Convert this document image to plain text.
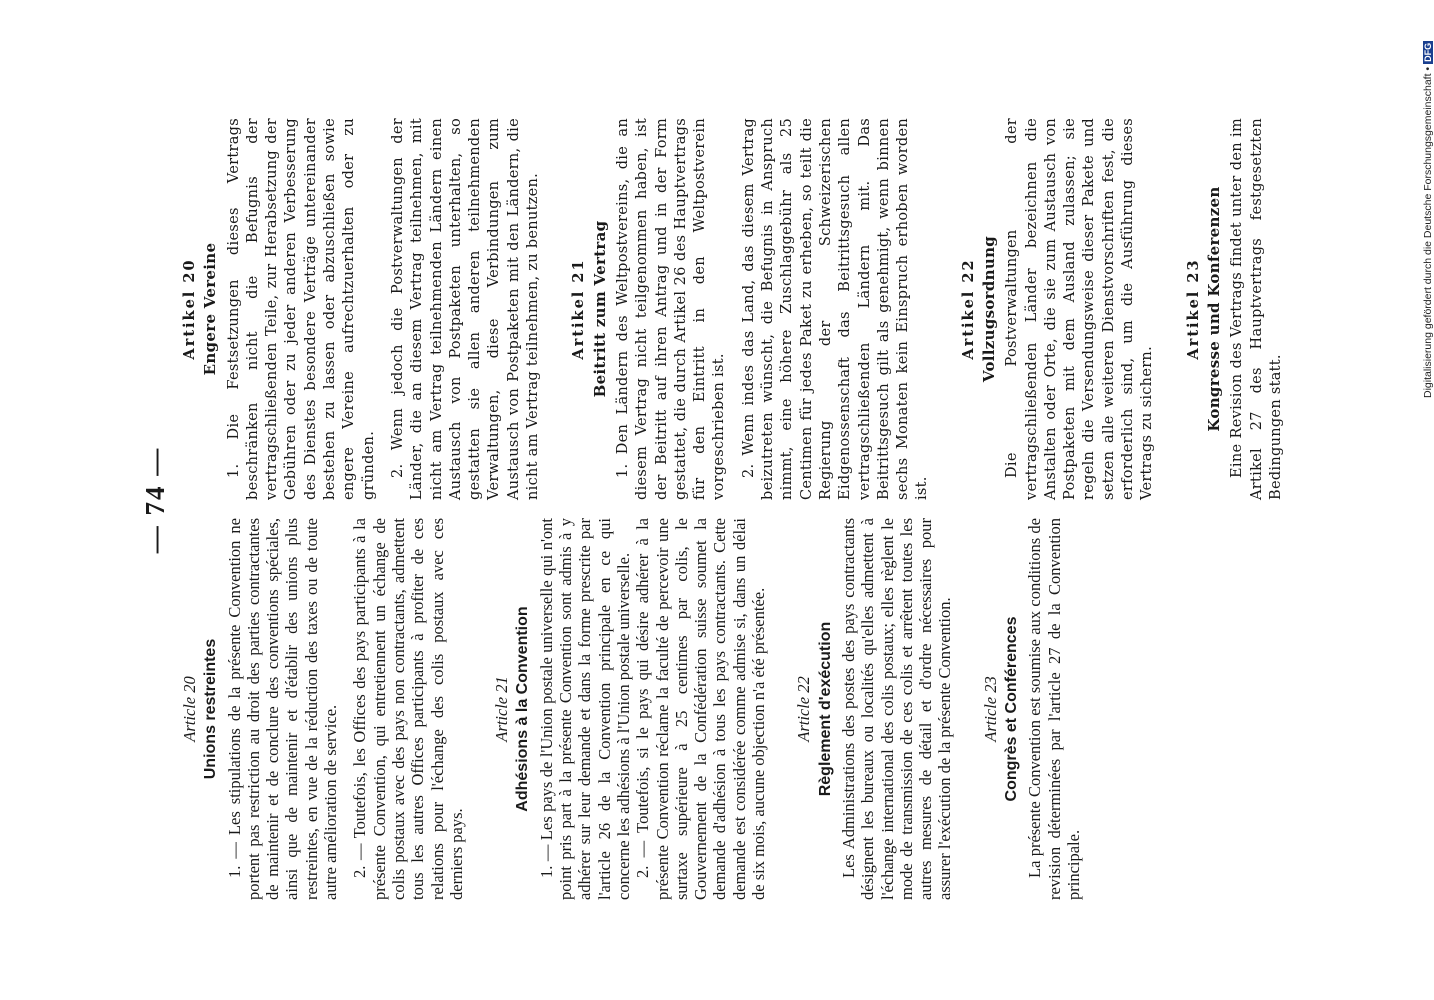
— 74 —
Article 20 Unions restreintes 1. — Les stipulations de la présente Convention ne portent pas restriction au droit des parties contractantes de maintenir et de conclure des conventions spéciales, ainsi que de maintenir et d'établir des unions plus restreintes, en vue de la réduction des taxes ou de toute autre amélioration de service. 2. — Toutefois, les Offices des pays participants à la présente Convention, qui entretiennent un échange de colis postaux avec des pays non contractants, admettent tous les autres Offices participants à profiter de ces relations pour l'échange des colis postaux avec ces derniers pays.

Article 21 Adhésions à la Convention 1. — Les pays de l'Union postale universelle qui n'ont point pris part à la présente Convention sont admis à y adhérer sur leur demande et dans la forme prescrite par l'article 26 de la Convention principale en ce qui concerne les adhésions à l'Union postale universelle. 2. — Toutefois, si le pays qui désire adhérer à la présente Convention réclame la faculté de percevoir une surtaxe supérieure à 25 centimes par colis, le Gouvernement de la Confédération suisse soumet la demande d'adhésion à tous les pays contractants. Cette demande est considérée comme admise si, dans un délai de six mois, aucune objection n'a été présentée. Article 22 Règlement d'exécution Les Administrations des postes des pays contractants désignent les bureaux ou localités qu'elles admettent à l'échange international des colis postaux; elles règlent le mode de transmission de ces colis et arrêtent toutes les autres mesures de détail et d'ordre nécessaires pour assurer l'exécution de la présente Convention. Article 23 Congrès et Conférences La présente Convention est soumise aux conditions de revision déterminées par l'article 27 de la Convention principale.

Artikel 20 Engere Vereine 1. Die Festsetzungen dieses Vertrags beschränken nicht die Befugnis der vertragschließenden Teile, zur Herabsetzung der Gebühren oder zu jeder anderen Verbesserung des Dienstes besondere Verträge untereinander bestehen zu lassen oder abzuschließen sowie engere Vereine aufrechtzuerhalten oder zu gründen. 2. Wenn jedoch die Postverwaltungen der Länder, die an diesem Vertrag teilnehmen, mit nicht am Vertrag teilnehmenden Ländern einen Austausch von Postpaketen unterhalten, so gestatten sie allen anderen teilnehmenden Verwaltungen, diese Verbindungen zum Austausch von Postpaketen mit den Ländern, die nicht am Vertrag teilnehmen, zu benutzen. Artikel 21 Beitritt zum Vertrag 1. Den Ländern des Weltpostvereins, die an diesem Vertrag nicht teilgenommen haben, ist der Beitritt auf ihren Antrag und in der Form gestattet, die durch Artikel 26 des Hauptvertrags für den Eintritt in den Weltpostverein vorgeschrieben ist. 2. Wenn indes das Land, das diesem Vertrag beizutreten wünscht, die Befugnis in Anspruch nimmt, eine höhere Zuschlaggebühr als 25 Centimen für jedes Paket zu erheben, so teilt die Regierung der Schweizerischen Eidgenossenschaft das Beitrittsgesuch allen vertragschließenden Ländern mit. Das Beitrittsgesuch gilt als genehmigt, wenn binnen sechs Monaten kein Einspruch erhoben worden ist.

Artikel 22 Vollzugsordnung Die Postverwaltungen der vertragschließenden Länder bezeichnen die Anstalten oder Orte, die sie zum Austausch von Postpaketen mit dem Ausland zulassen; sie regeln die Versendungsweise dieser Pakete und setzen alle weiteren Dienstvorschriften fest, die erforderlich sind, um die Ausführung dieses Vertrags zu sichern.

Artikel 23 Kongresse und Konferenzen Eine Revision des Vertrags findet unter den im Artikel 27 des Hauptvertrags festgesetzten Bedingungen statt.

Digitalisierung gefördert durch die Deutsche Forschungsgemeinschaft •DFG
